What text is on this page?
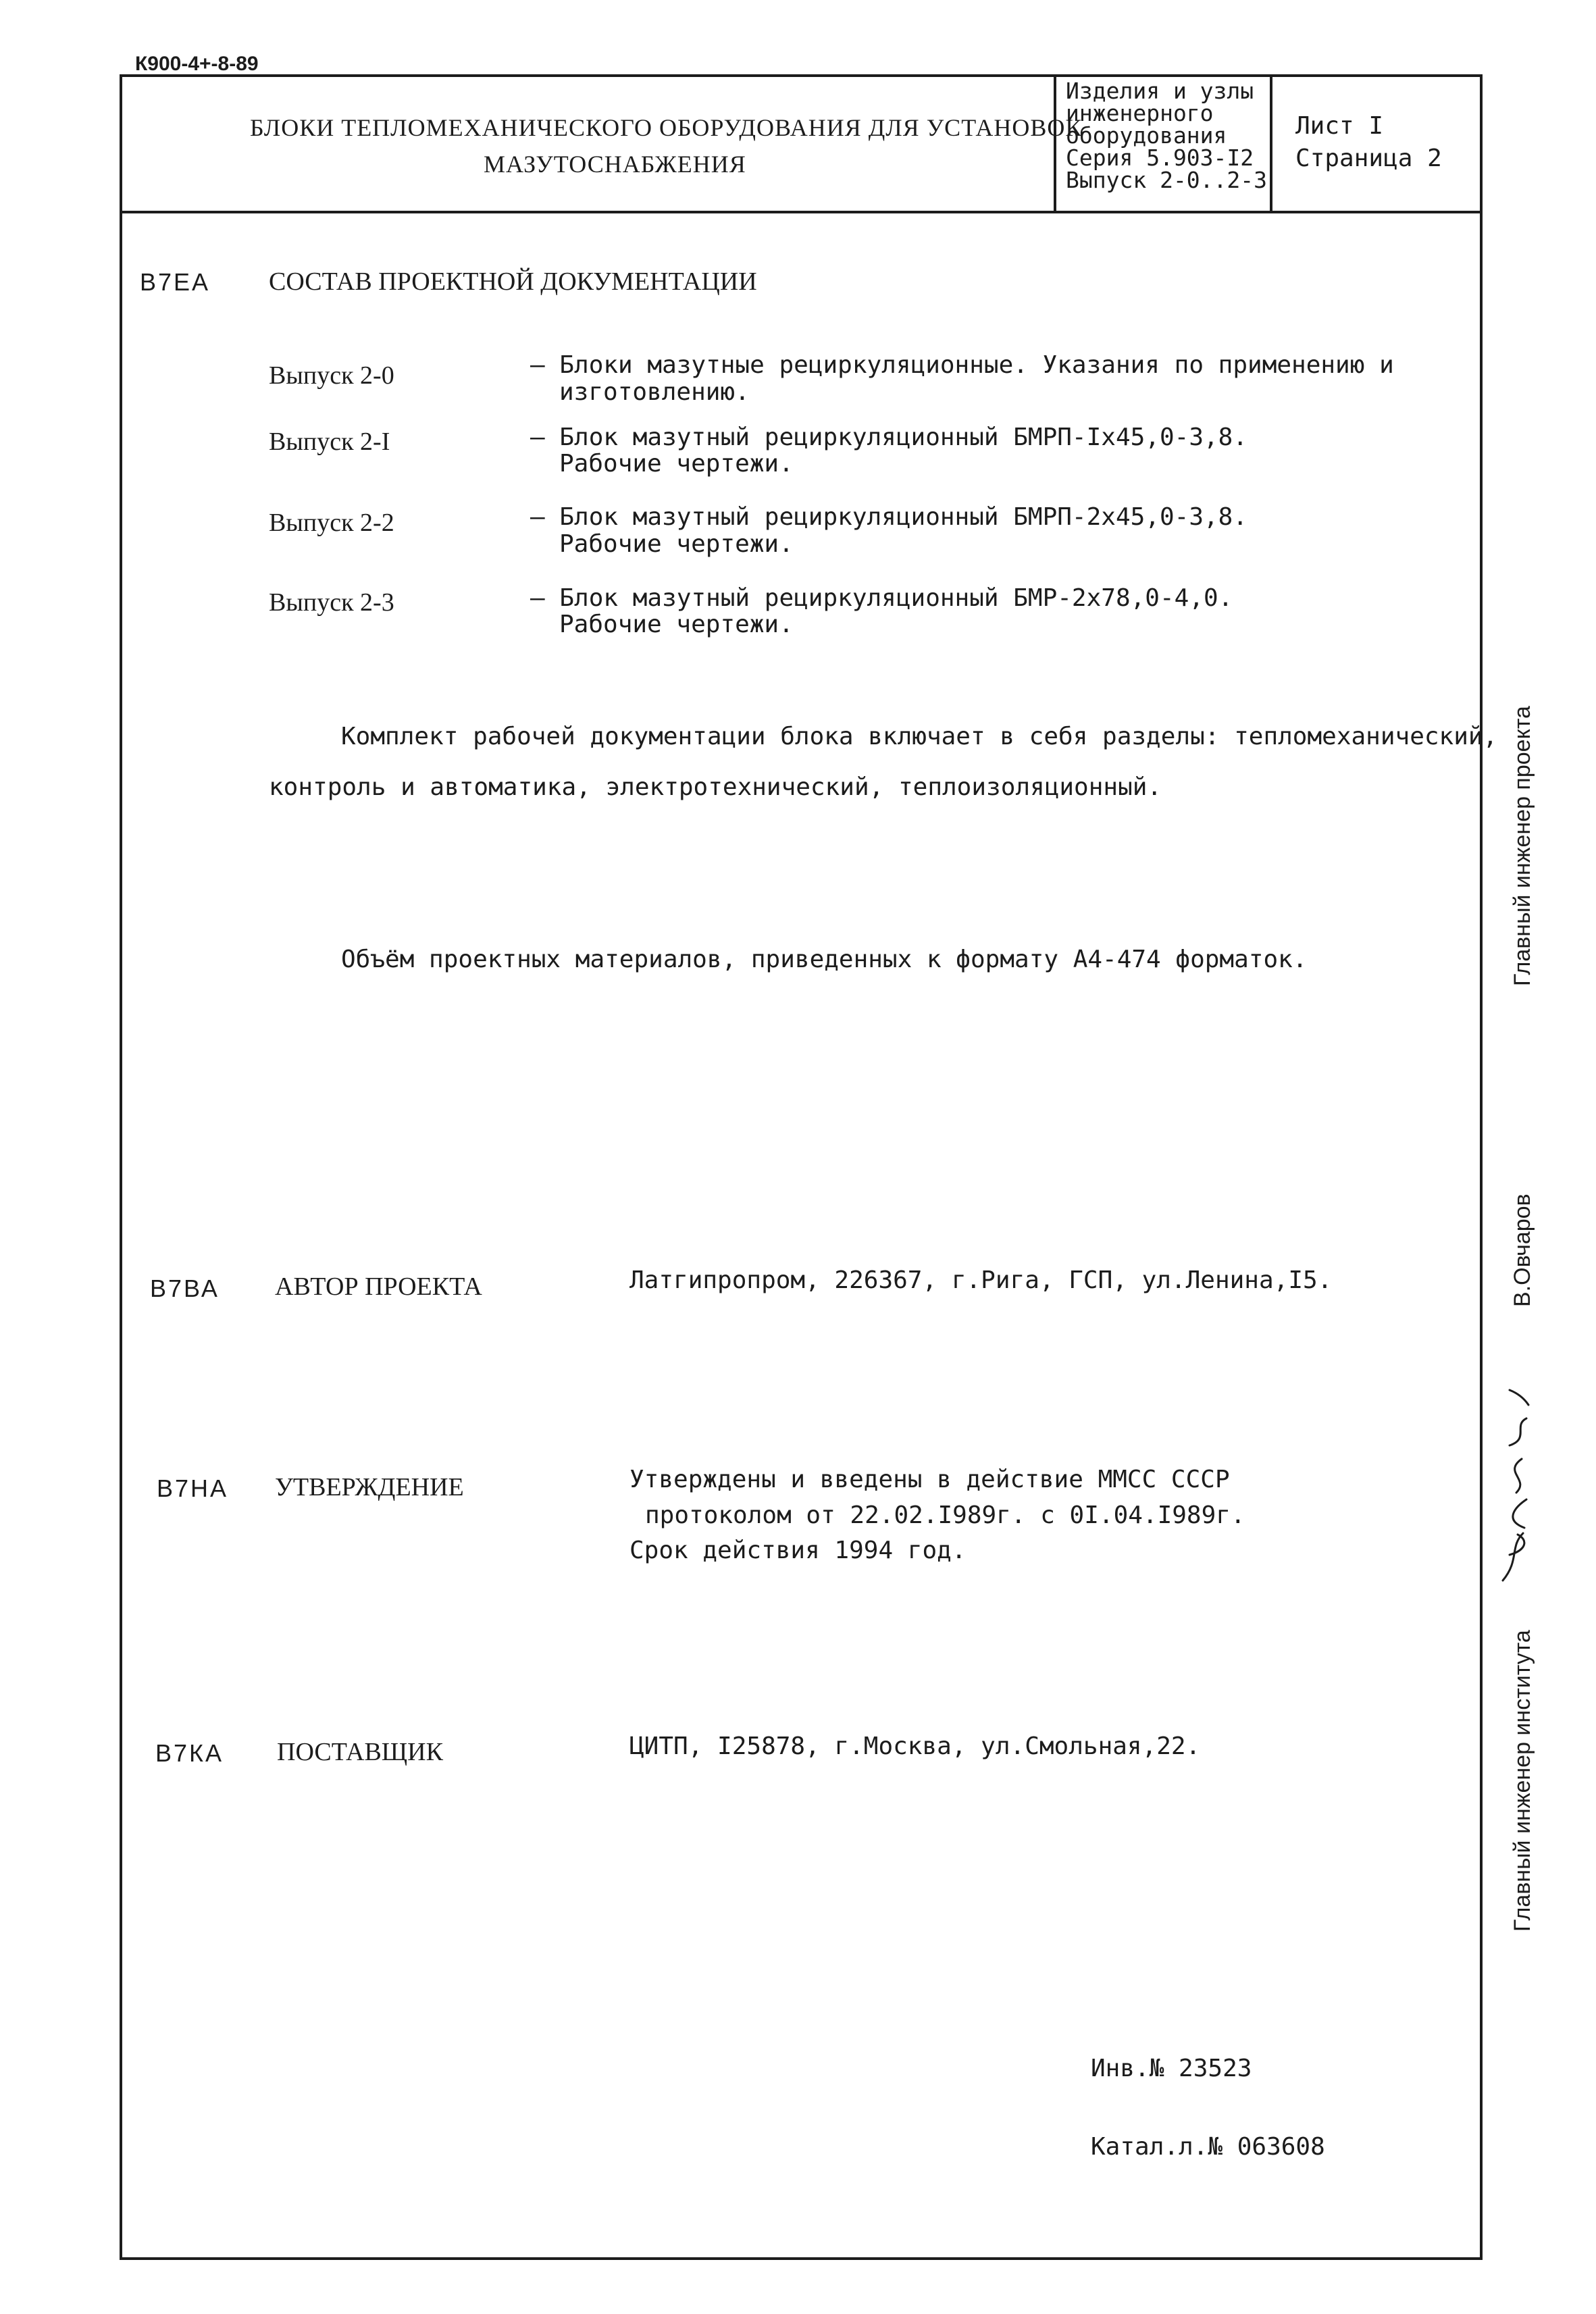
К900-4+-8-89
БЛОКИ ТЕПЛОМЕХАНИЧЕСКОГО ОБОРУДОВАНИЯ ДЛЯ УСТАНОВОК
МАЗУТОСНАБЖЕНИЯ
Изделия и узлы
инженерного
оборудования
Серия 5.903-I2
Выпуск 2-0..2-3
Лист I
Страница 2
В7ЕА СОСТАВ ПРОЕКТНОЙ ДОКУМЕНТАЦИИ
Выпуск 2-0	– Блоки мазутные рециркуляционные. Указания по применению и
изготовлению.
Выпуск 2-I	– Блок мазутный рециркуляционный БМРП-Iх45,0-3,8.
Рабочие чертежи.
Выпуск 2-2	– Блок мазутный рециркуляционный БМРП-2х45,0-3,8.
Рабочие чертежи.
Выпуск 2-3	– Блок мазутный рециркуляционный БМР-2х78,0-4,0.
Рабочие чертежи.
Комплект рабочей документации блока включает в себя разделы: тепломеханический,
контроль и автоматика, электротехнический, теплоизоляционный.
Объём проектных материалов, приведенных к формату А4-474 форматок.
В7ВА АВТОР ПРОЕКТА	Латгипропром, 226367, г.Рига, ГСП, ул.Ленина,I5.
В7НА УТВЕРЖДЕНИЕ	Утверждены и введены в действие ММСС СССР
протоколом от 22.02.I989г. с 0I.04.I989г.
Срок действия 1994 год.
В7КА ПОСТАВЩИК	ЦИТП, I25878, г.Москва, ул.Смольная,22.
Инв.№ 23523
Катал.л.№ 063608
Главный инженер проекта
В.Овчаров
Главный инженер института
